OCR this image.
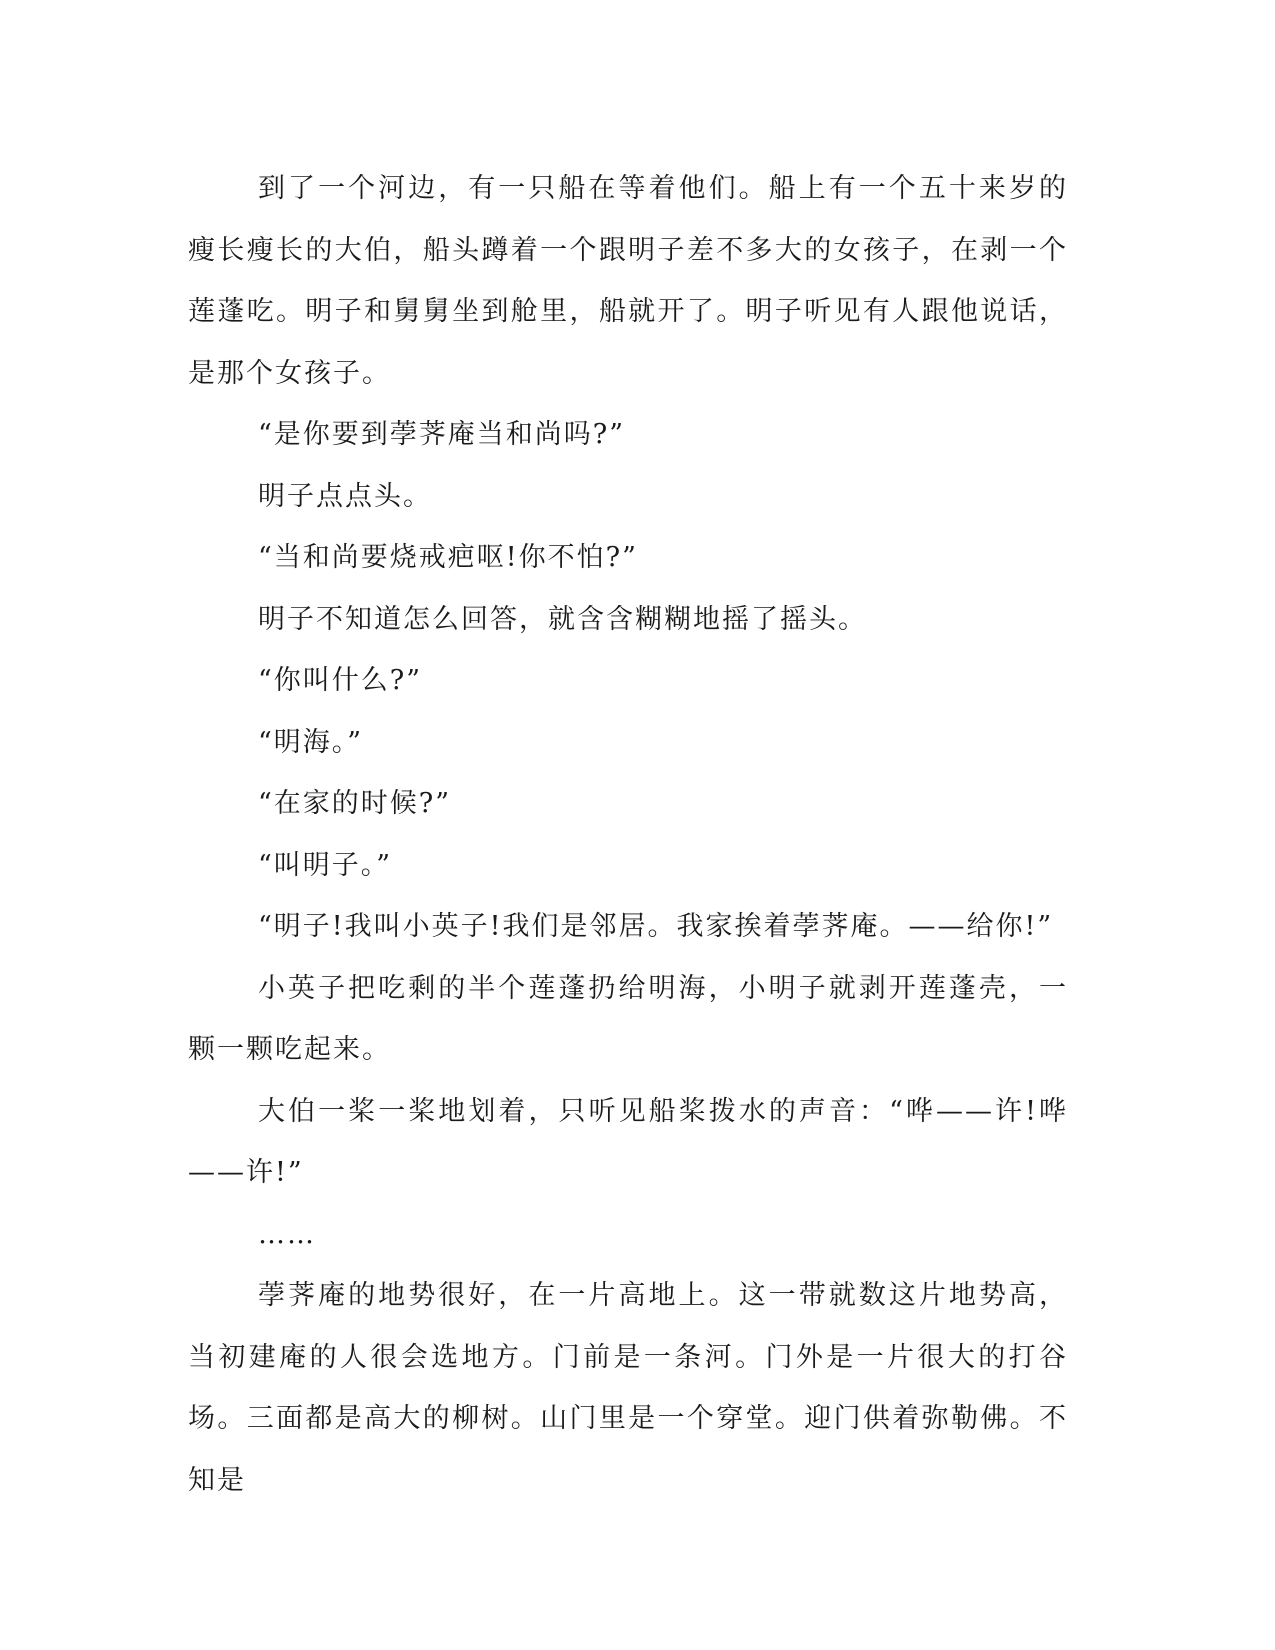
到了一个河边，有一只船在等着他们。船上有一个五十来岁的瘦长瘦长的大伯，船头蹲着一个跟明子差不多大的女孩子，在剥一个莲蓬吃。明子和舅舅坐到舱里，船就开了。明子听见有人跟他说话，是那个女孩子。

“是你要到荸荠庵当和尚吗?”

明子点点头。

“当和尚要烧戒疤呕!你不怕?”

明子不知道怎么回答，就含含糊糊地摇了摇头。

“你叫什么?”

“明海。”

“在家的时候?”

“叫明子。”

“明子!我叫小英子!我们是邻居。我家挨着荸荠庵。——给你!”

小英子把吃剩的半个莲蓬扔给明海，小明子就剥开莲蓬壳，一颗一颗吃起来。

大伯一桨一桨地划着，只听见船桨拨水的声音：“哗——许!哗——许!”

……

荸荠庵的地势很好，在一片高地上。这一带就数这片地势高，当初建庵的人很会选地方。门前是一条河。门外是一片很大的打谷场。三面都是高大的柳树。山门里是一个穿堂。迎门供着弥勒佛。不知是
